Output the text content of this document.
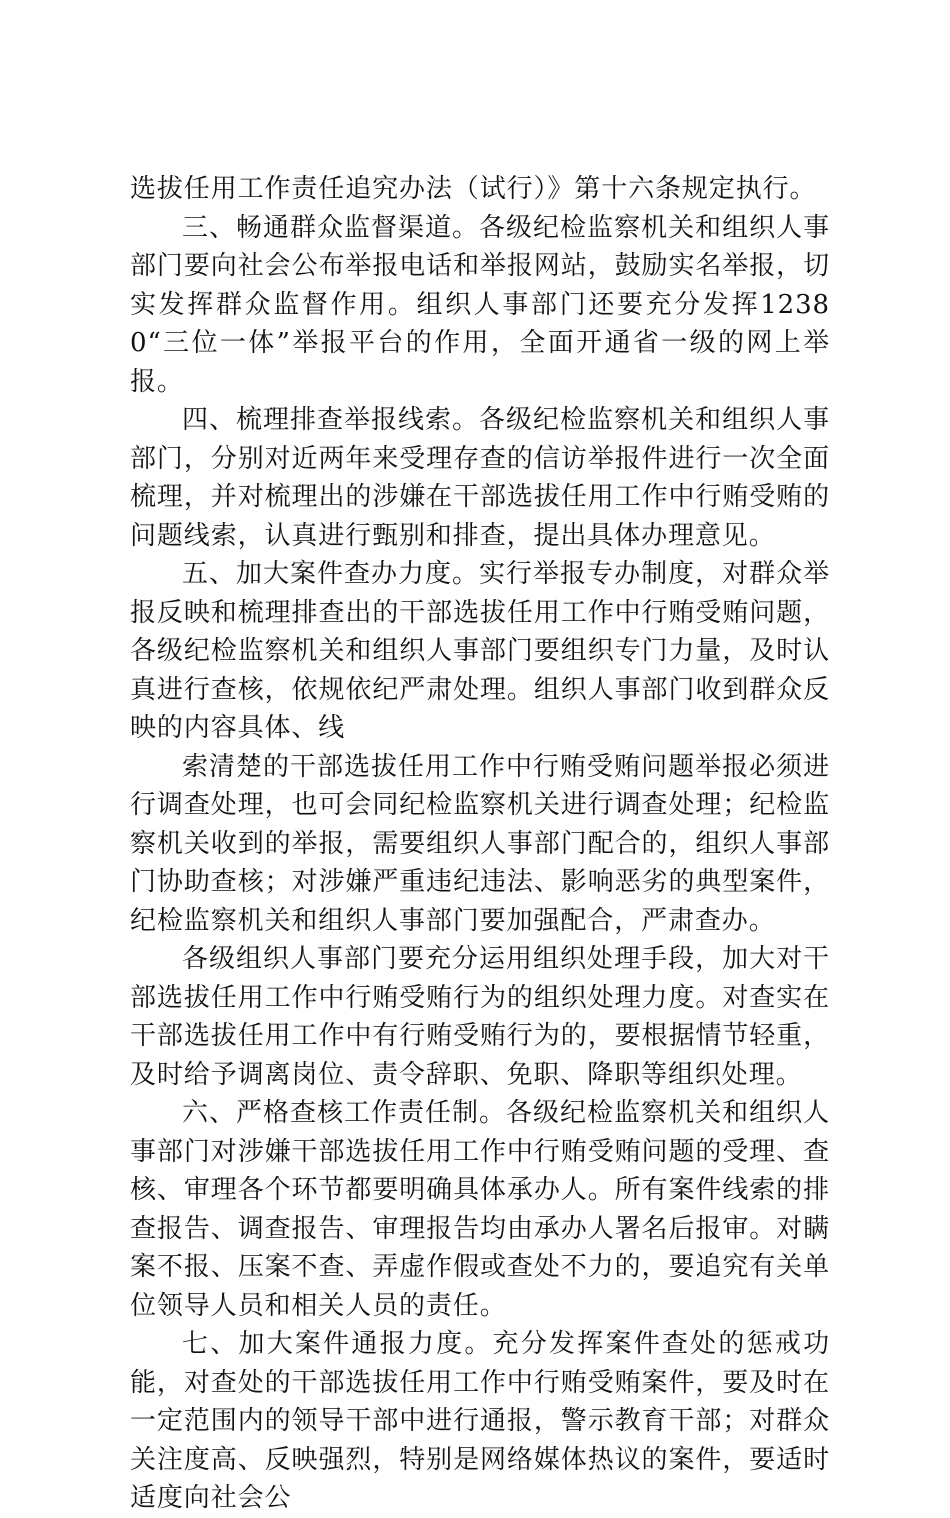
选拔任用工作责任追究办法（试行）》第十六条规定执行。

三、畅通群众监督渠道。各级纪检监察机关和组织人事部门要向社会公布举报电话和举报网站，鼓励实名举报，切实发挥群众监督作用。组织人事部门还要充分发挥12380“三位一体”举报平台的作用，全面开通省一级的网上举报。

四、梳理排查举报线索。各级纪检监察机关和组织人事部门，分别对近两年来受理存查的信访举报件进行一次全面梳理，并对梳理出的涉嫌在干部选拔任用工作中行贿受贿的问题线索，认真进行甄别和排查，提出具体办理意见。

五、加大案件查办力度。实行举报专办制度，对群众举报反映和梳理排查出的干部选拔任用工作中行贿受贿问题，各级纪检监察机关和组织人事部门要组织专门力量，及时认真进行查核，依规依纪严肃处理。组织人事部门收到群众反映的内容具体、线

索清楚的干部选拔任用工作中行贿受贿问题举报必须进行调查处理，也可会同纪检监察机关进行调查处理；纪检监察机关收到的举报，需要组织人事部门配合的，组织人事部门协助查核；对涉嫌严重违纪违法、影响恶劣的典型案件，纪检监察机关和组织人事部门要加强配合，严肃查办。

各级组织人事部门要充分运用组织处理手段，加大对干部选拔任用工作中行贿受贿行为的组织处理力度。对查实在干部选拔任用工作中有行贿受贿行为的，要根据情节轻重，及时给予调离岗位、责令辞职、免职、降职等组织处理。

六、严格查核工作责任制。各级纪检监察机关和组织人事部门对涉嫌干部选拔任用工作中行贿受贿问题的受理、查核、审理各个环节都要明确具体承办人。所有案件线索的排查报告、调查报告、审理报告均由承办人署名后报审。对瞒案不报、压案不查、弄虚作假或查处不力的，要追究有关单位领导人员和相关人员的责任。

七、加大案件通报力度。充分发挥案件查处的惩戒功能，对查处的干部选拔任用工作中行贿受贿案件，要及时在一定范围内的领导干部中进行通报，警示教育干部；对群众关注度高、反映强烈，特别是网络媒体热议的案件，要适时适度向社会公
